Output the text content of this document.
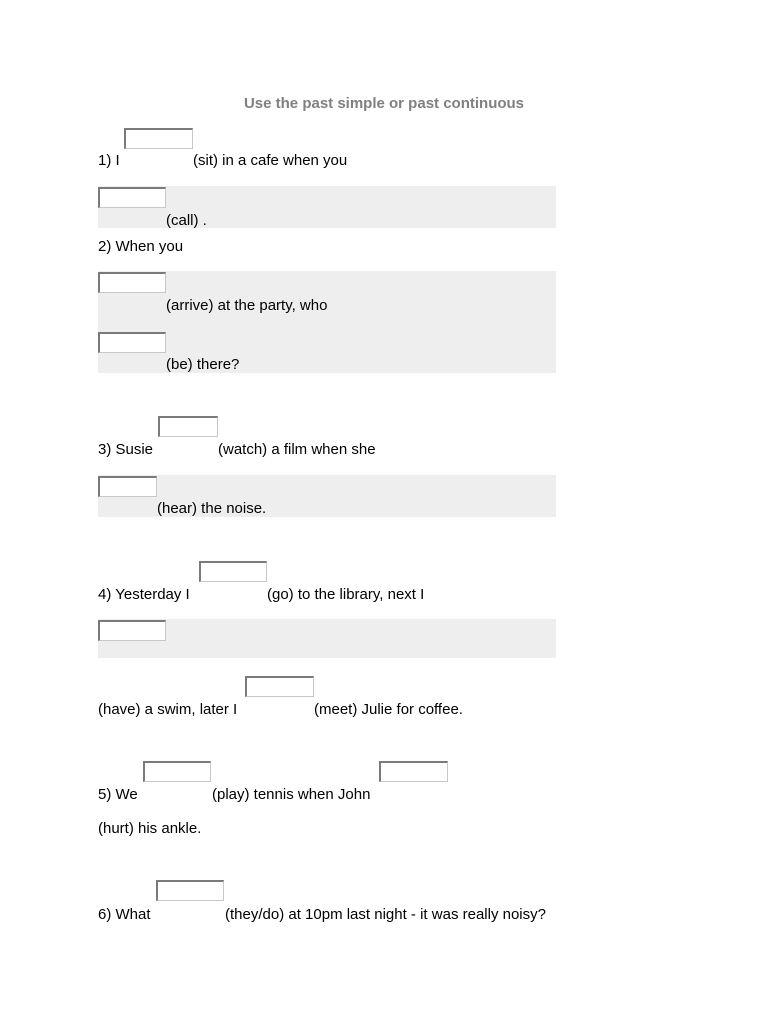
Use the past simple or past continuous
1) I	(sit) in a cafe when you
(call) .
2) When you
(arrive) at the party, who
(be) there?
3) Susie	(watch) a film when she
(hear) the noise.
4) Yesterday I	(go) to the library, next I
(have) a swim, later I	(meet) Julie for coffee.
5) We	(play) tennis when John
(hurt) his ankle.
6) What	(they/do) at 10pm last night - it was really noisy?
